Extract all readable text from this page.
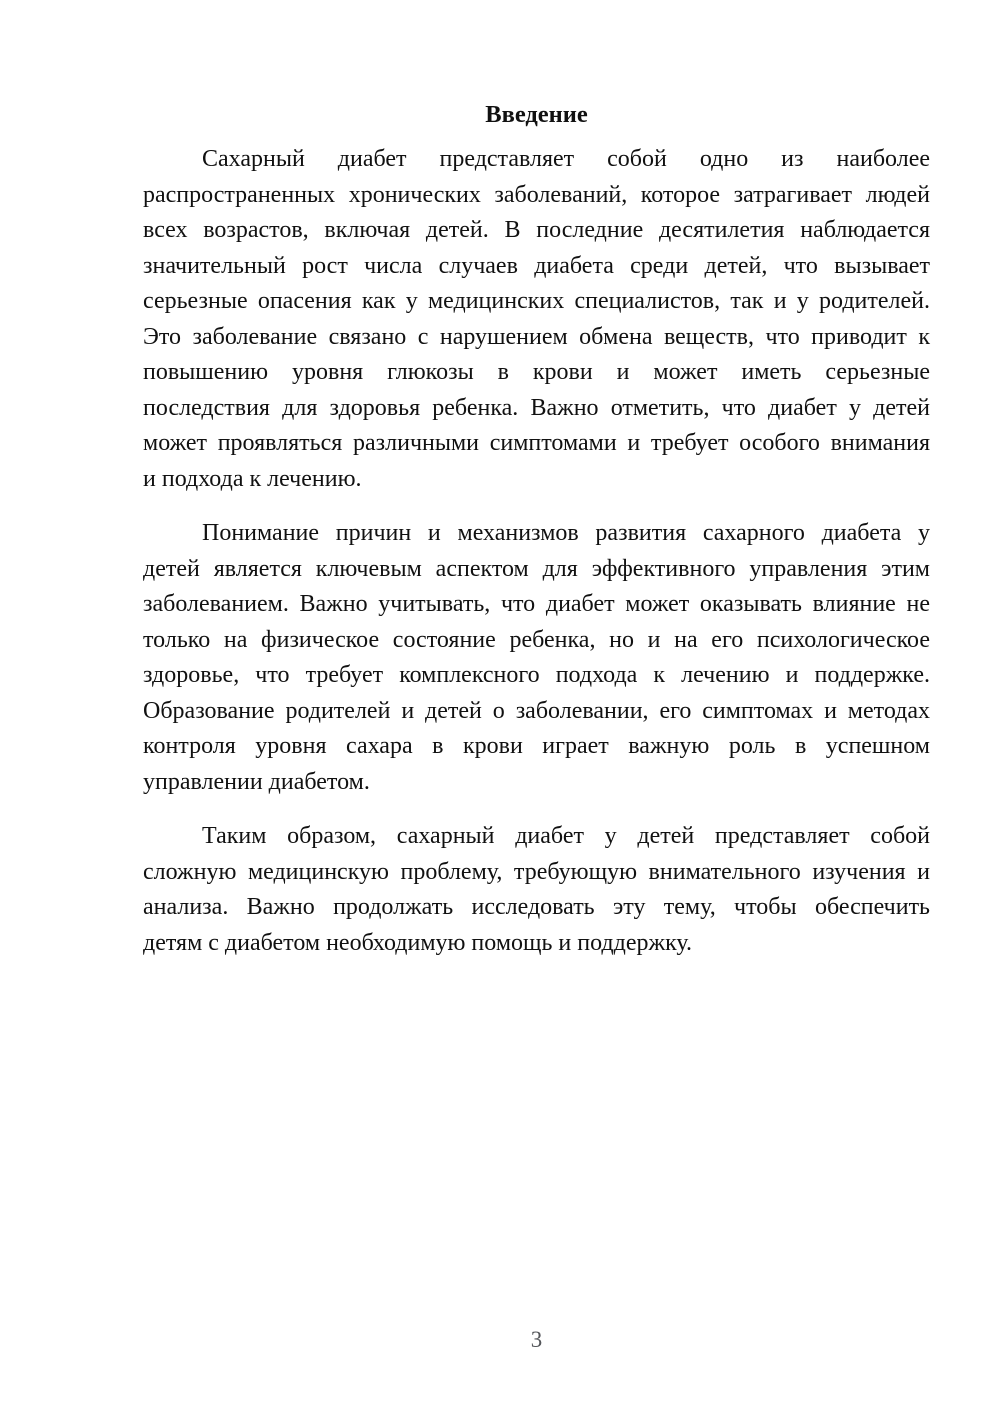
Введение
Сахарный диабет представляет собой одно из наиболее
распространенных хронических заболеваний, которое затрагивает людей
всех возрастов, включая детей. В последние десятилетия наблюдается
значительный рост числа случаев диабета среди детей, что вызывает
серьезные опасения как у медицинских специалистов, так и у родителей.
Это заболевание связано с нарушением обмена веществ, что приводит к
повышению уровня глюкозы в крови и может иметь серьезные
последствия для здоровья ребенка. Важно отметить, что диабет у детей
может проявляться различными симптомами и требует особого внимания
и подхода к лечению.
Понимание причин и механизмов развития сахарного диабета у
детей является ключевым аспектом для эффективного управления этим
заболеванием. Важно учитывать, что диабет может оказывать влияние не
только на физическое состояние ребенка, но и на его психологическое
здоровье, что требует комплексного подхода к лечению и поддержке.
Образование родителей и детей о заболевании, его симптомах и методах
контроля уровня сахара в крови играет важную роль в успешном
управлении диабетом.
Таким образом, сахарный диабет у детей представляет собой
сложную медицинскую проблему, требующую внимательного изучения и
анализа. Важно продолжать исследовать эту тему, чтобы обеспечить
детям с диабетом необходимую помощь и поддержку.
3
